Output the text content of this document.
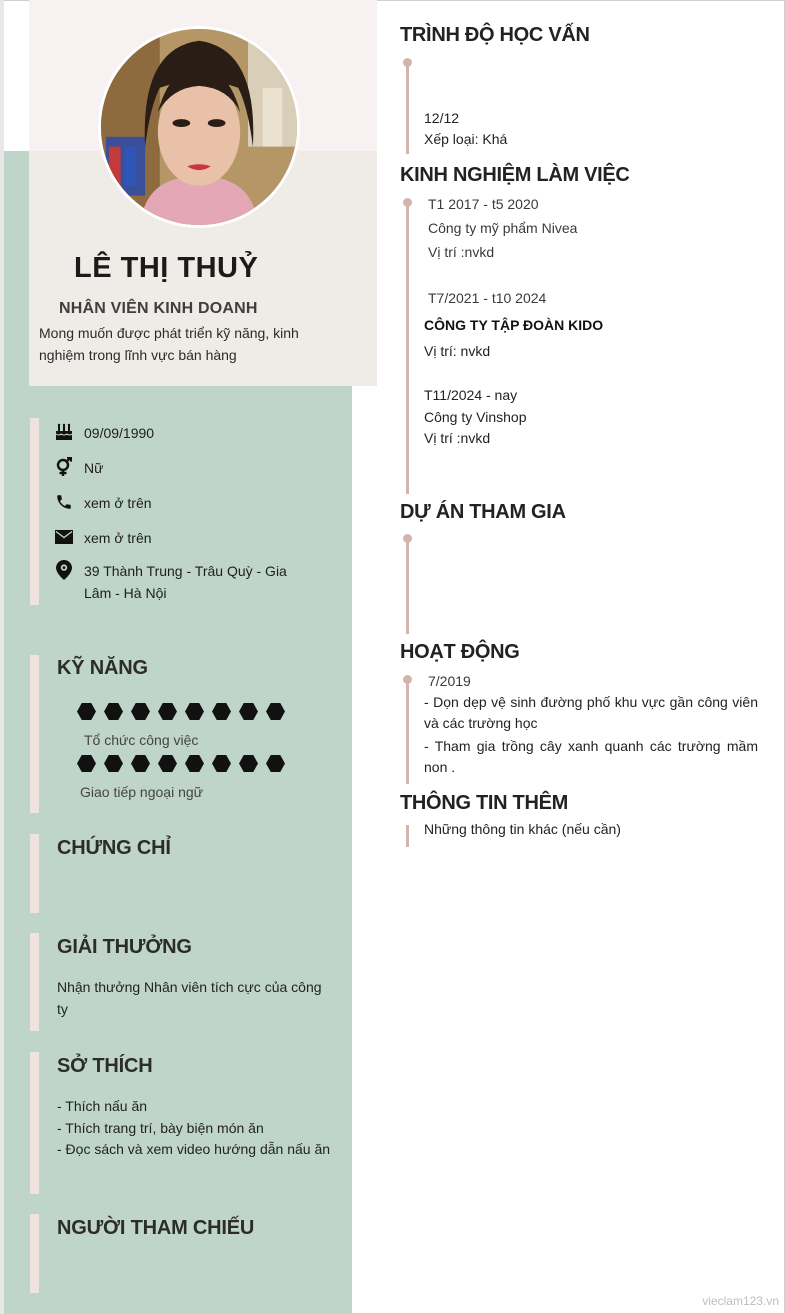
LÊ THỊ THUỶ
NHÂN VIÊN KINH DOANH
Mong muốn được phát triển kỹ năng, kinh nghiệm trong lĩnh vực bán hàng
09/09/1990
Nữ
xem ở trên
xem ở trên
39 Thành Trung - Trâu Quỳ - Gia Lâm - Hà Nội
KỸ NĂNG
Tổ chức công việc
Giao tiếp ngoại ngữ
CHỨNG CHỈ
GIẢI THƯỞNG
Nhận thưởng Nhân viên tích cực của công ty
SỞ THÍCH
- Thích nấu ăn
- Thích trang trí, bày biện món ăn
- Đọc sách và xem video hướng dẫn nấu ăn
NGƯỜI THAM CHIẾU
TRÌNH ĐỘ HỌC VẤN
12/12
Xếp loại: Khá
KINH NGHIỆM LÀM VIỆC
T1 2017 - t5 2020
Công ty mỹ phẩm Nivea
Vị trí :nvkd
T7/2021 - t10 2024
CÔNG TY TẬP ĐOÀN KIDO
Vị trí: nvkd
T11/2024 - nay
Công ty Vinshop
Vị trí :nvkd
DỰ ÁN THAM GIA
HOẠT ĐỘNG
7/2019
- Dọn dẹp vệ sinh đường phố khu vực gần công viên và các trường học
- Tham gia trồng cây xanh quanh các trường mầm non .
THÔNG TIN THÊM
Những thông tin khác (nếu cần)
vieclam123.vn
